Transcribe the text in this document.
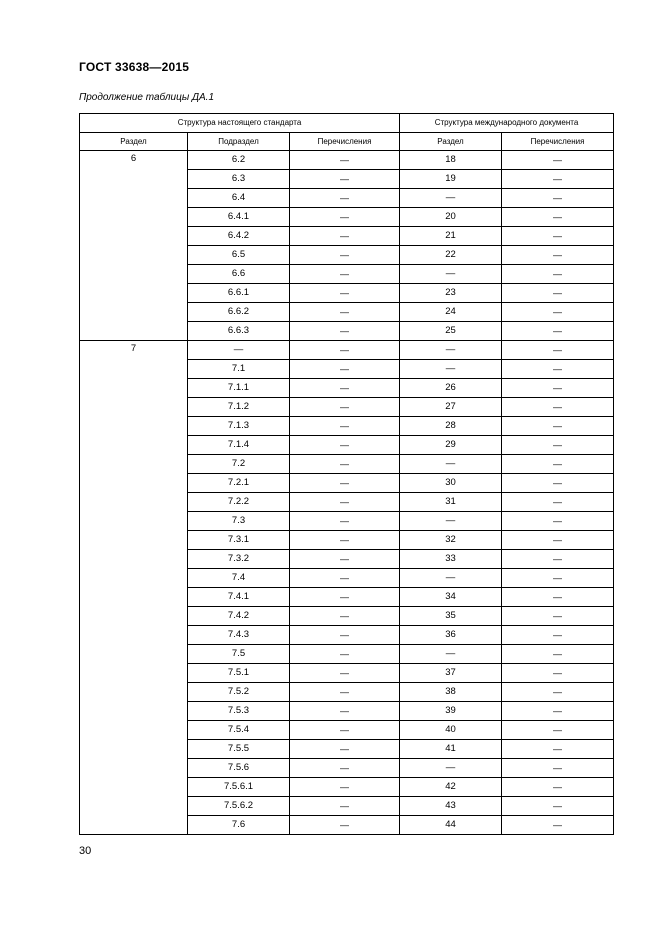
ГОСТ 33638—2015
Продолжение таблицы ДА.1
Структура настоящего стандарта			Структура международного документа	
Раздел	Подраздел	Перечисления	Раздел	Перечисления
6	6.2	—	18	—
	6.3	—	19	—
	6.4	—	—	—
	6.4.1	—	20	—
	6.4.2	—	21	—
	6.5	—	22	—
	6.6	—	—	—
	6.6.1	—	23	—
	6.6.2	—	24	—
	6.6.3	—	25	—
7	—	—	—	—
	7.1	—	—	—
	7.1.1	—	26	—
	7.1.2	—	27	—
	7.1.3	—	28	—
	7.1.4	—	29	—
	7.2	—	—	—
	7.2.1	—	30	—
	7.2.2	—	31	—
	7.3	—	—	—
	7.3.1	—	32	—
	7.3.2	—	33	—
	7.4	—	—	—
	7.4.1	—	34	—
	7.4.2	—	35	—
	7.4.3	—	36	—
	7.5	—	—	—
	7.5.1	—	37	—
	7.5.2	—	38	—
	7.5.3	—	39	—
	7.5.4	—	40	—
	7.5.5	—	41	—
	7.5.6	—	—	—
	7.5.6.1	—	42	—
	7.5.6.2	—	43	—
	7.6	—	44	—
30
